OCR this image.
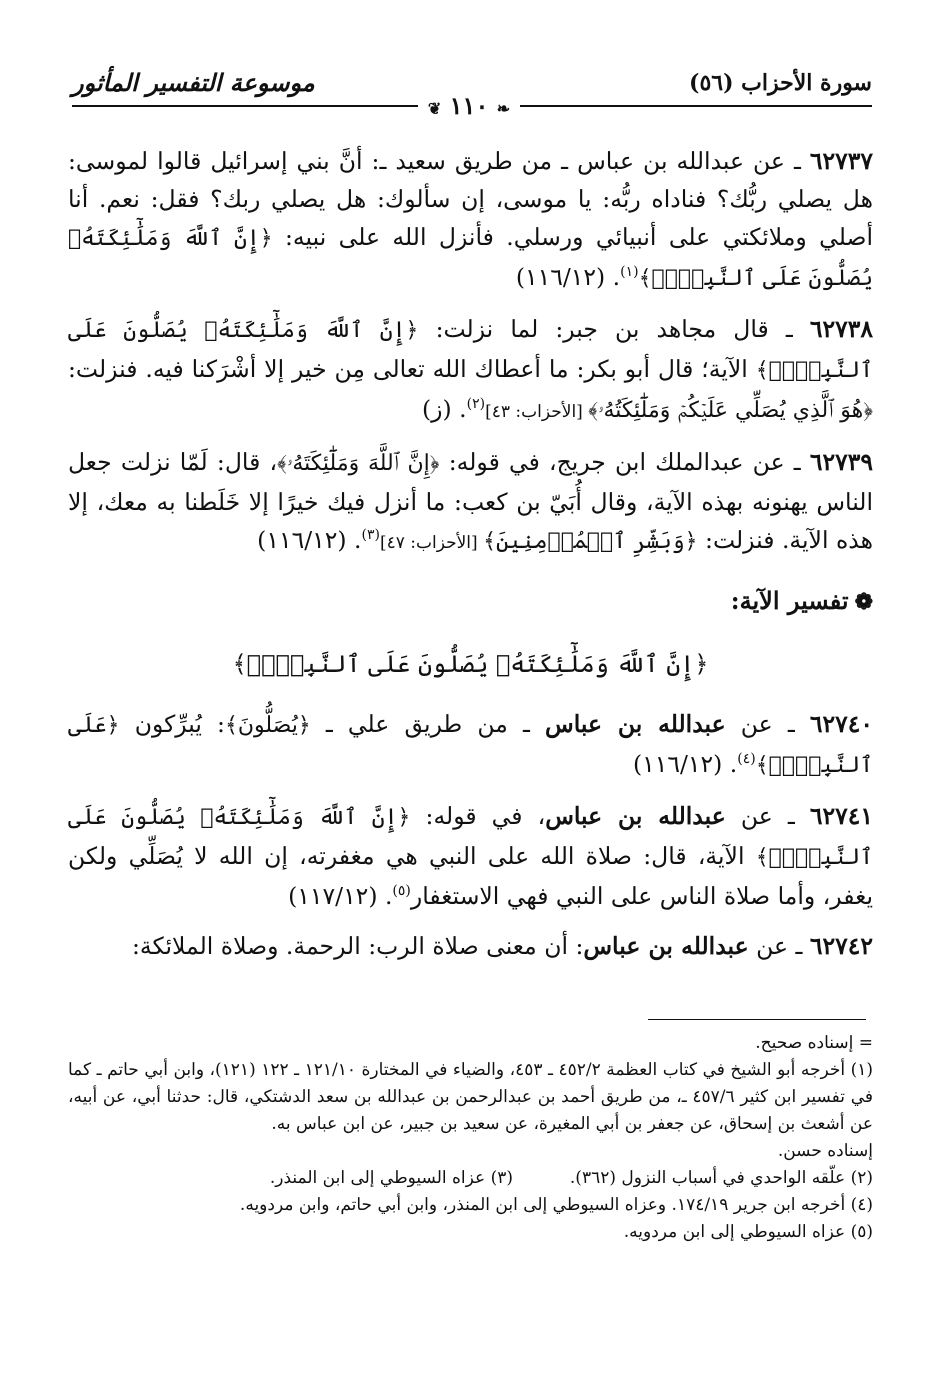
سورة الأحزاب (٥٦)
موسوعة التفسير المأثور
❦ ١١٠ ❧

٦٢٧٣٧ ـ عن عبدالله بن عباس ـ من طريق سعيد ـ: أنَّ بني إسرائيل قالوا لموسى: هل يصلي ربُّك؟ فناداه ربُّه: يا موسى، إن سألوك: هل يصلي ربك؟ فقل: نعم. أنا أصلي وملائكتي على أنبيائي ورسلي. فأنزل الله على نبيه: ﴿إِنَّ ٱللَّهَ وَمَلَٰٓئِكَتَهُۥ يُصَلُّونَ عَلَى ٱلنَّبِيِّۚ﴾$^{(١)}$. (١١٦/١٢)

٦٢٧٣٨ ـ قال مجاهد بن جبر: لما نزلت: ﴿إِنَّ ٱللَّهَ وَمَلَٰٓئِكَتَهُۥ يُصَلُّونَ عَلَى ٱلنَّبِيِّۚ﴾ الآية؛ قال أبو بكر: ما أعطاك الله تعالى مِن خير إلا أشْرَكنا فيه. فنزلت: ﴿هُوَ ٱلَّذِي يُصَلِّي عَلَيۡكُمۡ وَمَلَٰٓئِكَتُهُۥ﴾ [الأحزاب: ٤٣]$^{(٢)}$. (ز)

٦٢٧٣٩ ـ عن عبدالملك ابن جريج، في قوله: ﴿إِنَّ ٱللَّهَ وَمَلَٰٓئِكَتَهُۥ﴾، قال: لَمّا نزلت جعل الناس يهنونه بهذه الآية، وقال أُبَيّ بن كعب: ما أنزل فيك خيرًا إلا خَلَطنا به معك، إلا هذه الآية. فنزلت: ﴿وَبَشِّرِ ٱلۡمُؤۡمِنِينَ﴾ [الأحزاب: ٤٧]$^{(٣)}$. (١١٦/١٢)

❁تفسير الآية:
﴿إِنَّ ٱللَّهَ وَمَلَٰٓئِكَتَهُۥ يُصَلُّونَ عَلَى ٱلنَّبِيِّۚ﴾

٦٢٧٤٠ ـ عن عبدالله بن عباس ـ من طريق علي ـ ﴿يُصَلُّونَ﴾: يُبرِّكون ﴿عَلَى ٱلنَّبِيِّۚ﴾$^{(٤)}$. (١١٦/١٢)

٦٢٧٤١ ـ عن عبدالله بن عباس، في قوله: ﴿إِنَّ ٱللَّهَ وَمَلَٰٓئِكَتَهُۥ يُصَلُّونَ عَلَى ٱلنَّبِيِّۚ﴾ الآية، قال: صلاة الله على النبي هي مغفرته، إن الله لا يُصَلِّي ولكن يغفر، وأما صلاة الناس على النبي فهي الاستغفار$^{(٥)}$. (١١٧/١٢)

٦٢٧٤٢ ـ عن عبدالله بن عباس: أن معنى صلاة الرب: الرحمة. وصلاة الملائكة:

= إسناده صحيح.

(١) أخرجه أبو الشيخ في كتاب العظمة ٤٥٢/٢ ـ ٤٥٣، والضياء في المختارة ١٢١/١٠ ـ ١٢٢ (١٢١)، وابن أبي حاتم ـ كما في تفسير ابن كثير ٤٥٧/٦ ـ، من طريق أحمد بن عبدالرحمن بن عبدالله بن سعد الدشتكي، قال: حدثنا أبي، عن أبيه، عن أشعث بن إسحاق، عن جعفر بن أبي المغيرة، عن سعيد بن جبير، عن ابن عباس به.

إسناده حسن.

(٢) علّقه الواحدي في أسباب النزول (٣٦٢).

(٣) عزاه السيوطي إلى ابن المنذر.

(٤) أخرجه ابن جرير ١٧٤/١٩. وعزاه السيوطي إلى ابن المنذر، وابن أبي حاتم، وابن مردويه.

(٥) عزاه السيوطي إلى ابن مردويه.
